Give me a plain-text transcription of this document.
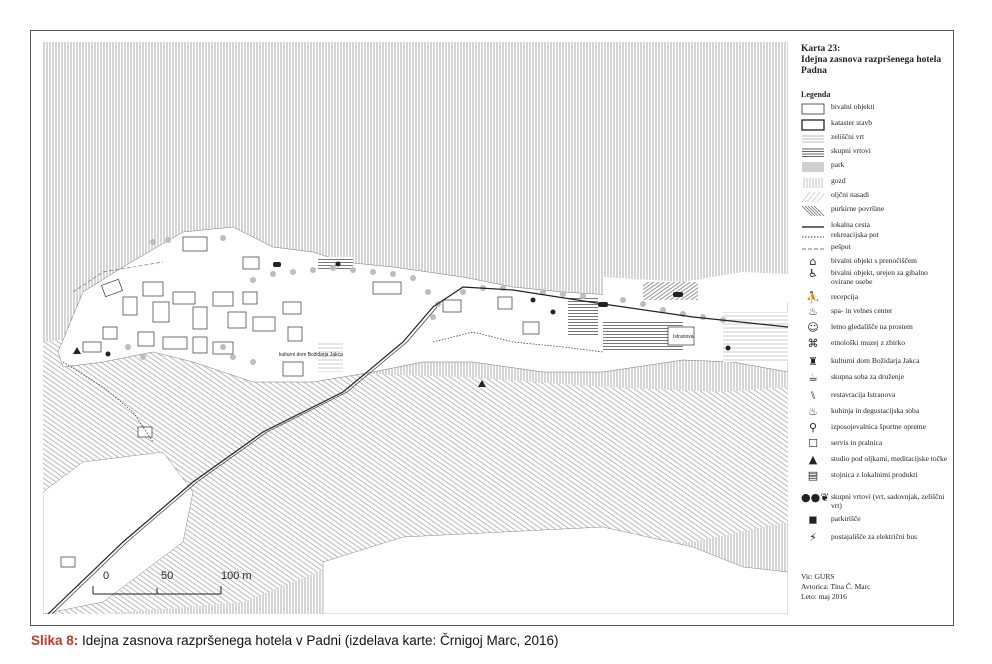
Istranova
kulturni dom Božidarja Jakca
0	50	100 m
Karta 23:
Idejna zasnova razpršenega hotela Padna
Legenda
bivalni objekti
kataster stavb
zeliščni vrt
skupni vrtovi
park
gozd
oljčni nasadi
purkirne površine
lokalna cesta
rekreacijska pot
pešpot
⌂	bivalni objekt s prenočiščem
♿	bivalni objekt, urejen za gibalno ovirane osebe
⛹	recepcija
♨	spa- in velnes center
☺	letno gledališče na prostem
⌘	etnološki muzej z zbirko
♜	kulturni dom Božidarja Jakca
☕	skupna soba za druženje
⑊	restavracija Istranova
♨	kuhinja in degustacijska soba
⚲	izposojevalnica športne opreme
☐	servis in pralnica
▲	studio pod oljkami, meditacijske točke
▤	stojnica z lokalnimi produkti
●●❦ skupni vrtovi (vrt, sadovnjak, zeliščni vrt)
◼	parkirišče
⚡	postajališče za električni bus
Vir: GURS
Avtorica: Tina Č. Marc
Leto: maj 2016
Slika 8: Idejna zasnova razpršenega hotela v Padni (izdelava karte: Črnigoj Marc, 2016)
